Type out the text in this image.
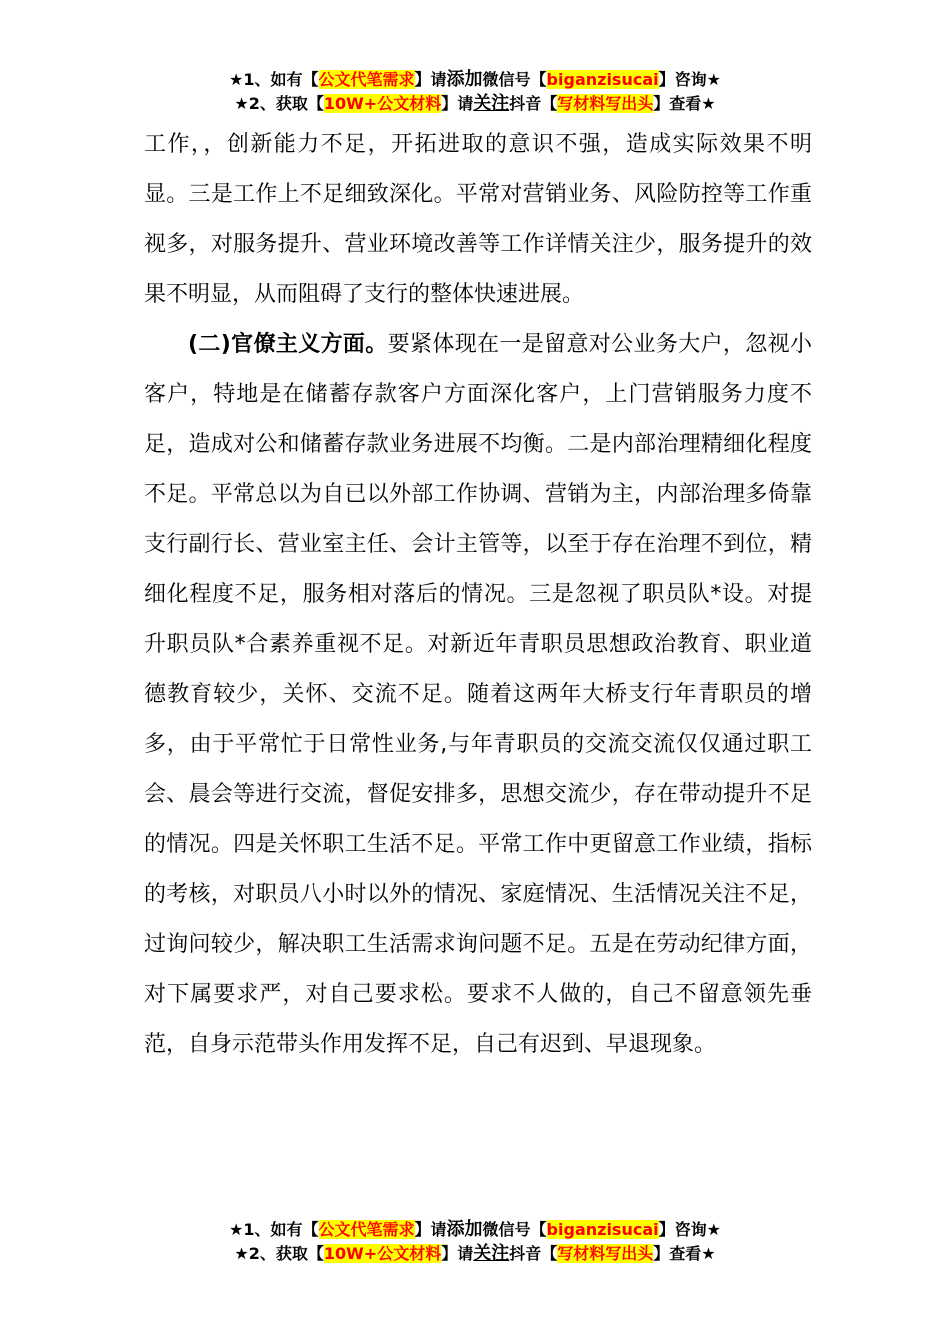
★1、如有【公文代笔需求】请添加微信号【biganzisucai】咨询★
★2、获取【10W+公文材料】请关注抖音【写材料写出头】查看★

工作，，创新能力不足，开拓进取的意识不强，造成实际效果不明显。三是工作上不足细致深化。平常对营销业务、风险防控等工作重视多，对服务提升、营业环境改善等工作详情关注少，服务提升的效果不明显，从而阻碍了支行的整体快速进展。

(二)官僚主义方面。要紧体现在一是留意对公业务大户，忽视小客户，特地是在储蓄存款客户方面深化客户，上门营销服务力度不足，造成对公和储蓄存款业务进展不均衡。二是内部治理精细化程度不足。平常总以为自已以外部工作协调、营销为主，内部治理多倚靠支行副行长、营业室主任、会计主管等，以至于存在治理不到位，精细化程度不足，服务相对落后的情况。三是忽视了职员队*设。对提升职员队*合素养重视不足。对新近年青职员思想政治教育、职业道德教育较少，关怀、交流不足。随着这两年大桥支行年青职员的增多，由于平常忙于日常性业务,与年青职员的交流交流仅仅通过职工会、晨会等进行交流，督促安排多，思想交流少，存在带动提升不足的情况。四是关怀职工生活不足。平常工作中更留意工作业绩，指标的考核，对职员八小时以外的情况、家庭情况、生活情况关注不足，过询问较少，解决职工生活需求询问题不足。五是在劳动纪律方面，对下属要求严，对自己要求松。要求不人做的，自己不留意领先垂范，自身示范带头作用发挥不足，自己有迟到、早退现象。

★1、如有【公文代笔需求】请添加微信号【biganzisucai】咨询★
★2、获取【10W+公文材料】请关注抖音【写材料写出头】查看★
